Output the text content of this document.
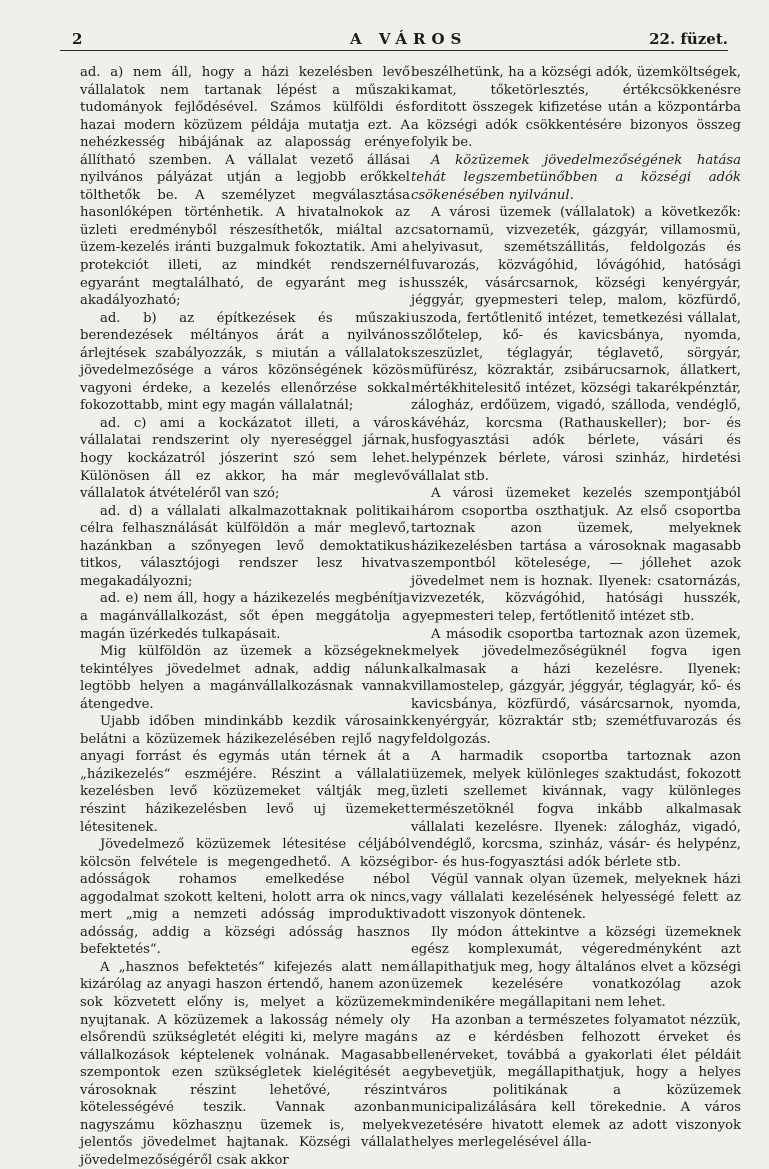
2	A VÁROS	22. füzet.

ad. a) nem áll, hogy a házi kezelésben levő vállalatok nem tartanak lépést a műszaki tudományok fejlődésével. Számos külföldi és hazai modern közüzem példája mutatja ezt. A nehézkesség hibájának az alaposság erénye állítható szemben. A vállalat vezető állásai nyilvános pályázat utján a legjobb erőkkel tölthetők be. A személyzet megválasztása hasonlóképen történhetik. A hivatalnokok az üzleti eredményből részesíthetők, miáltal az üzem-kezelés iránti buzgalmuk fokoztatik. Ami a protekciót illeti, az mindkét rendszernél egyaránt megtalálható, de egyaránt meg is akadályozható;

ad. b) az építkezések és műszaki berendezések méltányos árát a nyilvános árlejtések szabályozzák, s miután a vállalatok jövedelmezősége a város közönségének közös vagyoni érdeke, a kezelés ellenőrzése sokkal fokozottabb, mint egy magán vállalatnál;

ad. c) ami a kockázatot illeti, a város vállalatai rendszerint oly nyereséggel járnak, hogy kockázatról jószerint szó sem lehet. Különösen áll ez akkor, ha már meglevő vállalatok átvételéről van szó;

ad. d) a vállalati alkalmazottaknak politikai célra felhasználását külföldön a már meglevő, hazánkban a szőnyegen levő demoktatikus titkos, választójogi rendszer lesz hivatva megakadályozni;

ad. e) nem áll, hogy a házikezelés megbénítja a magánvállalkozást, sőt épen meggátolja a magán üzérkedés tulkapásait.

Mig külföldön az üzemek a községeknek tekintélyes jövedelmet adnak, addig nálunk legtöbb helyen a magánvállalkozásnak vannak átengedve.

Ujabb időben mindinkább kezdik városaink belátni a közüzemek házikezelésében rejlő nagy anyagi forrást és egymás után térnek át a „házikezelés“ eszméjére. Részint a vállalati kezelésben levő közüzemeket váltják meg, részint házikezelésben levő uj üzemeket létesitenek.

Jövedelmező közüzemek létesitése céljából kölcsön felvétele is megengedhető. A községi adósságok rohamos emelkedése nébol aggodalmat szokott kelteni, holott arra ok nincs, mert „mig a nemzeti adósság improduktiv adósság, addig a községi adósság hasznos befektetés“.

A „hasznos befektetés“ kifejezés alatt nem kizárólag az anyagi haszon értendő, hanem azon sok közvetett előny is, melyet a közüzemek nyujtanak. A közüzemek a lakosság némely oly elsőrendü szükségletét elégiti ki, melyre magán vállalkozások képtelenek volnának. Magasabb szempontok ezen szükségletek kielégitését a városoknak részint lehetővé, részint kötelességévé teszik. Vannak azonban nagyszámu közhaszņu üzemek is, melyek jelentős jövedelmet hajtanak. Községi vállalat jövedelmezőségéről csak akkor

beszélhetünk, ha a községi adók, üzemköltségek, kamat, tőketörlesztés, értékcsökkenésre forditott összegek kifizetése után a központárba a községi adók csökkentésére bizonyos összeg folyik be.

A közüzemek jövedelmezőségének hatása tehát legszembetünőbben a községi adók csökenésében nyilvánul.

A városi üzemek (vállalatok) a következők: csatornamü, vizvezeték, gázgyár, villamosmü, helyivasut, szemétszállitás, feldolgozás és fuvarozás, közvágóhid, lóvágóhid, hatósági husszék, vásárcsarnok, községi kenyérgyár, jéggyár, gyepmesteri telep, malom, közfürdő, uszoda, fertőtlenitő intézet, temetkezési vállalat, szőlőtelep, kő- és kavicsbánya, nyomda, szeszüzlet, téglagyár, téglavető, sörgyár, müfürész, közraktár, zsibárucsarnok, állatkert, mértékhitelesitő intézet, községi takarékpénztár, zálogház, erdőüzem, vigadó, szálloda, vendéglő, kávéház, korcsma (Rathauskeller); bor- és husfogyasztási adók bérlete, vásári és helypénzek bérlete, városi szinház, hirdetési vállalat stb.

A városi üzemeket kezelés szempontjából három csoportba oszthatjuk. Az első csoportba tartoznak azon üzemek, melyeknek házikezelésben tartása a városoknak magasabb szempontból kötelesége, — jóllehet azok jövedelmet nem is hoznak. Ilyenek: csatornázás, vizvezeték, közvágóhid, hatósági husszék, gyepmesteri telep, fertőtlenitő intézet stb.

A második csoportba tartoznak azon üzemek, melyek jövedelmezőségüknél fogva igen alkalmasak a házi kezelésre. Ilyenek: villamostelep, gázgyár, jéggyár, téglagyár, kő- és kavicsbánya, közfürdő, vásárcsarnok, nyomda, kenyérgyár, közraktár stb; szemétfuvarozás és feldolgozás.

A harmadik csoportba tartoznak azon üzemek, melyek különleges szaktudást, fokozott üzleti szellemet kivánnak, vagy különleges természetöknél fogva inkább alkalmasak vállalati kezelésre. Ilyenek: zálogház, vigadó, vendéglő, korcsma, szinház, vásár- és helypénz, bor- és hus-fogyasztási adók bérlete stb.

Végül vannak olyan üzemek, melyeknek házi vagy vállalati kezelésének helyességé felett az adott viszonyok döntenek.

Ily módon áttekintve a községi üzemeknek egész komplexumát, végeredményként azt állapithatjuk meg, hogy általános elvet a községi üzemek kezelésére vonatkozólag azok mindenikére megállapitani nem lehet.

Ha azonban a természetes folyamatot nézzük, s az e kérdésben felhozott érveket és ellenérveket, továbbá a gyakorlati élet példáit egybevetjük, megállapithatjuk, hogy a helyes város politikának a közüzemek municipalizálására kell törekednie. A város vezetésére hivatott elemek az adott viszonyok helyes merlegelésével álla-
